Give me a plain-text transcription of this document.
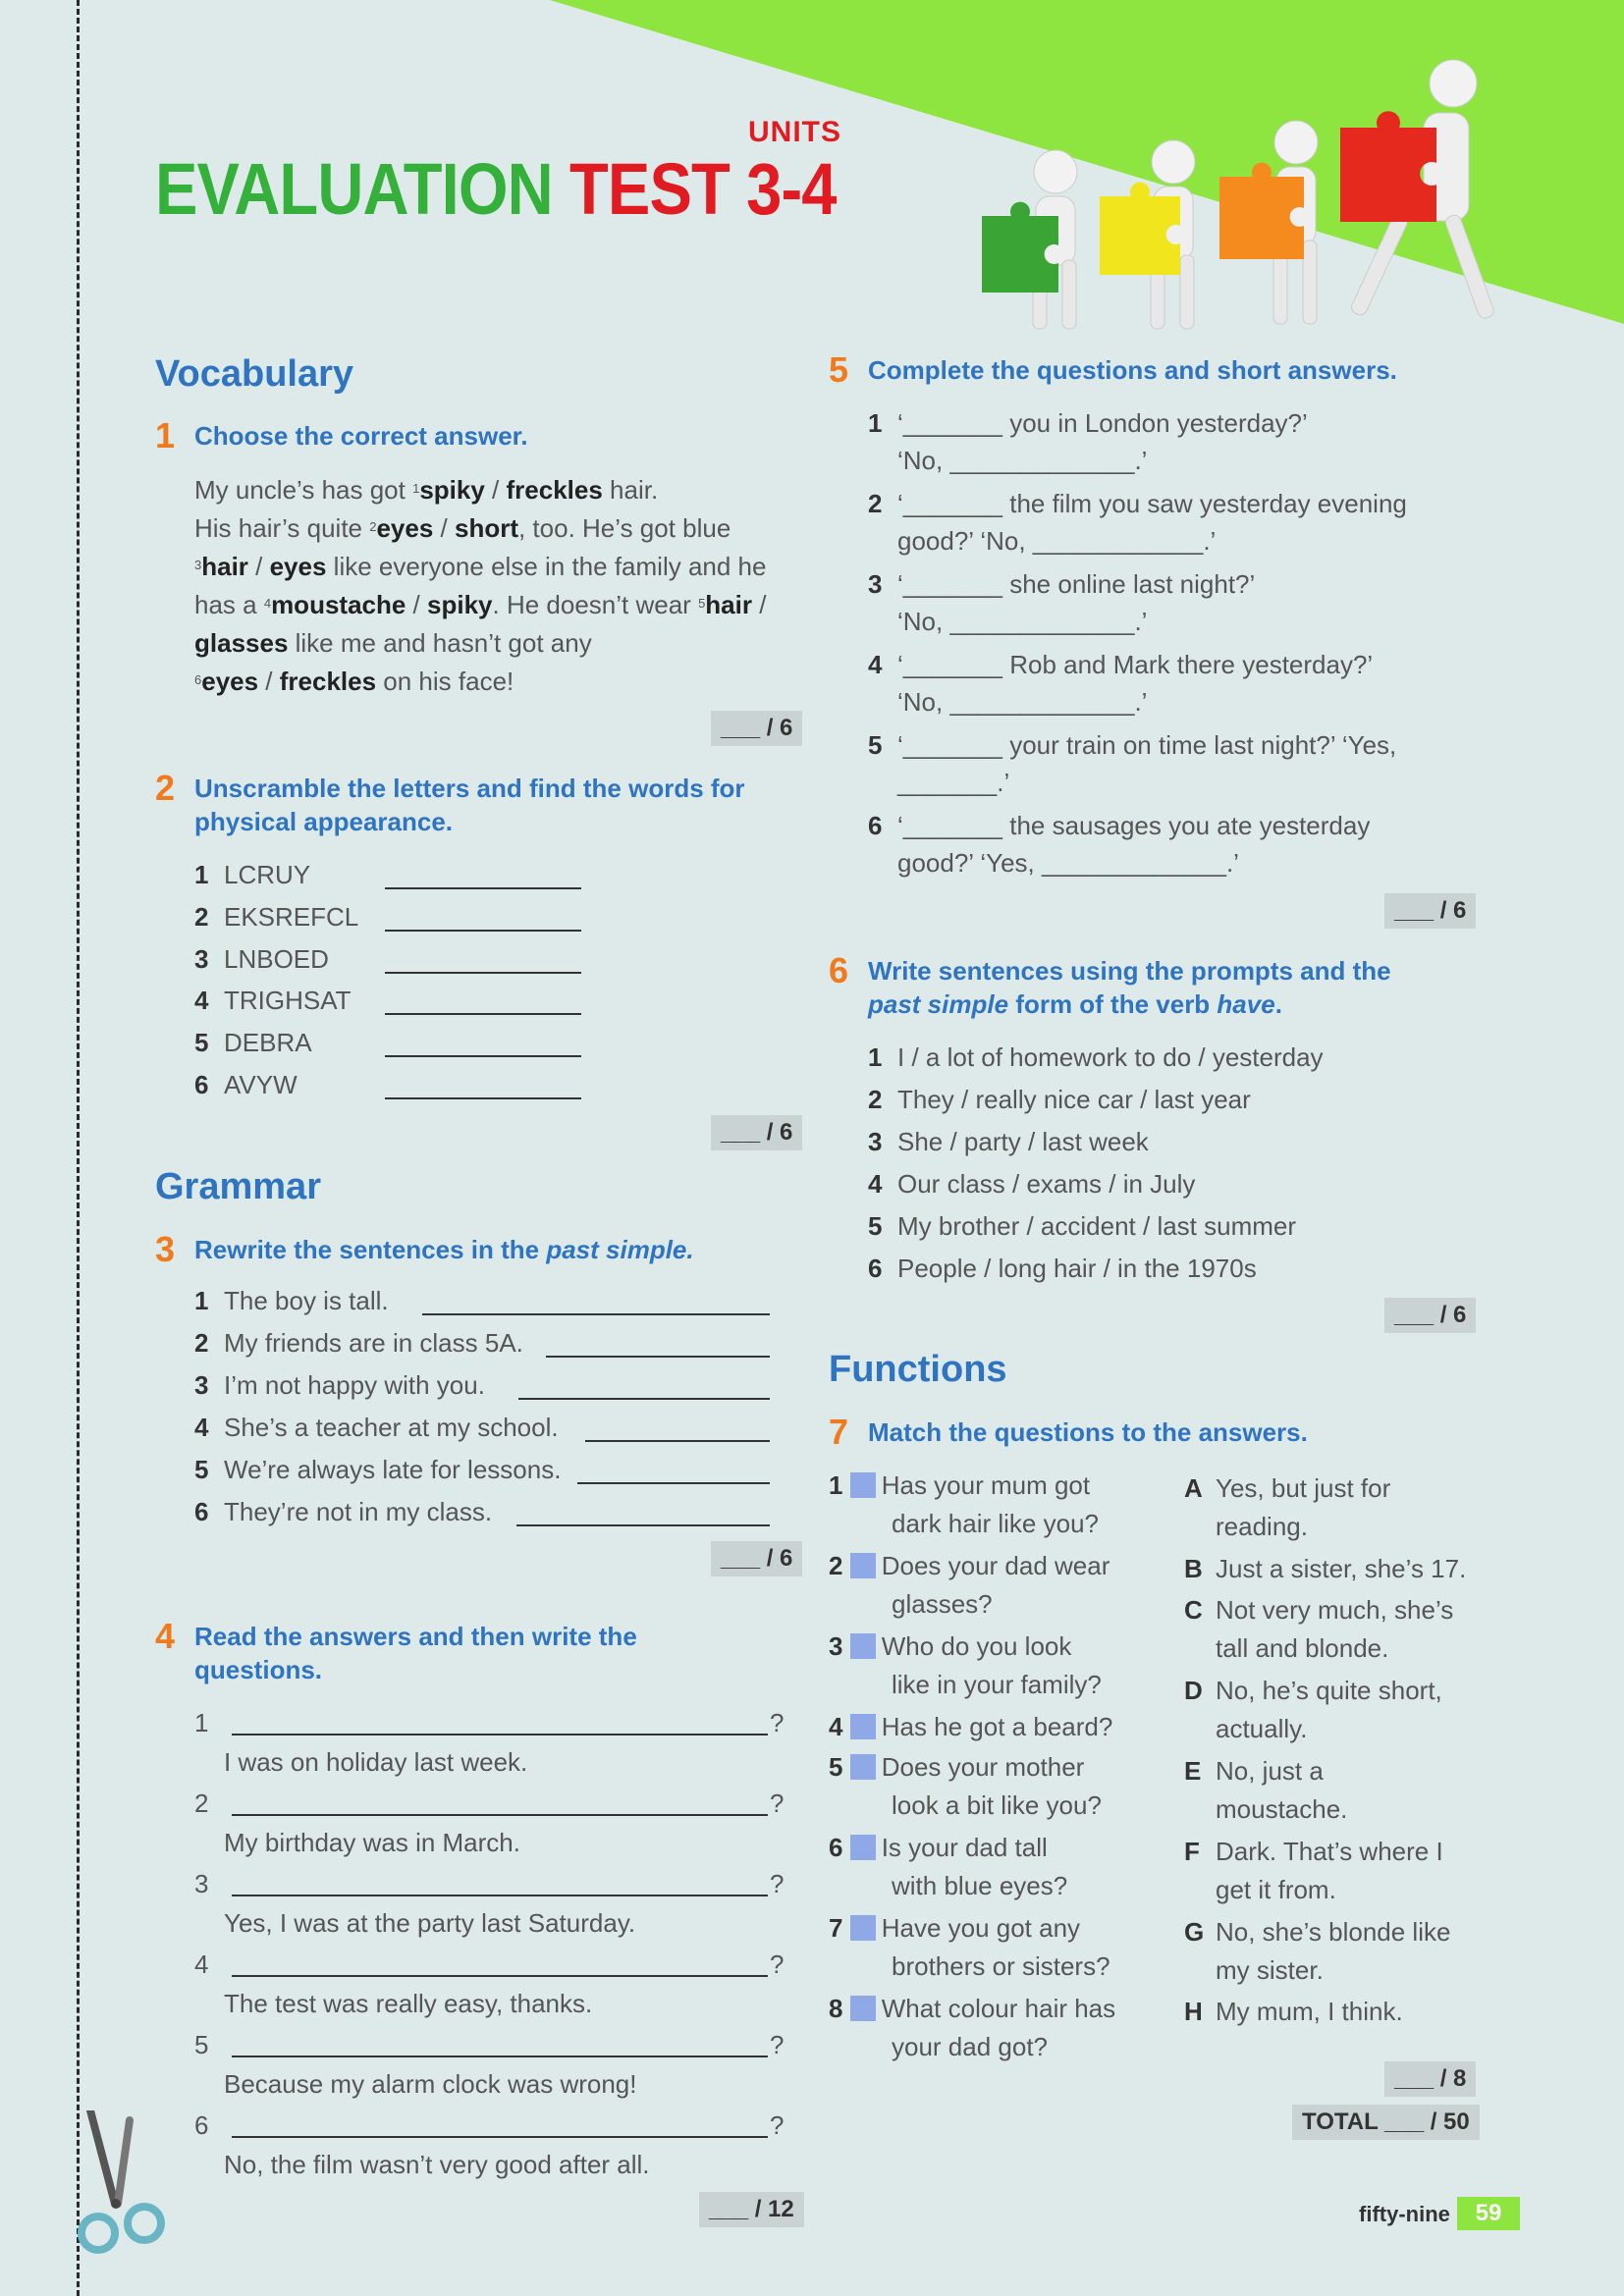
UNITS
EVALUATION TEST 3-4
Vocabulary
1 Choose the correct answer.
My uncle’s has got $^1$spiky / freckles hair.
His hair’s quite $^2$eyes / short, too. He’s got blue
$^3$hair / eyes like everyone else in the family and he
has a $^4$moustache / spiky. He doesn’t wear $^5$hair /
glasses like me and hasn’t got any
$^6$eyes / freckles on his face!
___ / 6
2 Unscramble the letters and find the words for
physical appearance.
1 LCRUY
2 EKSREFCL
3 LNBOED
4 TRIGHSAT
5 DEBRA
6 AVYW
___ / 6
Grammar
3 Rewrite the sentences in the past simple.
1 The boy is tall.
2 My friends are in class 5A.
3 I’m not happy with you.
4 She’s a teacher at my school.
5 We’re always late for lessons.
6 They’re not in my class.
___ / 6
4 Read the answers and then write the
questions.
1	?
I was on holiday last week.
2	?
My birthday was in March.
3	?
Yes, I was at the party last Saturday.
4	?
The test was really easy, thanks.
5	?
Because my alarm clock was wrong!
6	?
No, the film wasn’t very good after all.
___ / 12
5 Complete the questions and short answers.
1 ‘_______ you in London yesterday?’
‘No, _____________.’
2 ‘_______ the film you saw yesterday evening
good?’ ‘No, ____________.’
3 ‘_______ she online last night?’
‘No, _____________.’
4 ‘_______ Rob and Mark there yesterday?’
‘No, _____________.’
5 ‘_______ your train on time last night?’ ‘Yes,
_______.’
6 ‘_______ the sausages you ate yesterday
good?’ ‘Yes, _____________.’
___ / 6
6 Write sentences using the prompts and the
past simple form of the verb have.
1 I / a lot of homework to do / yesterday
2 They / really nice car / last year
3 She / party / last week
4 Our class / exams / in July
5 My brother / accident / last summer
6 People / long hair / in the 1970s
___ / 6
Functions
7 Match the questions to the answers.
1 Has your mum got
dark hair like you?
2 Does your dad wear
glasses?
3 Who do you look
like in your family?
4 Has he got a beard?
5 Does your mother
look a bit like you?
6 Is your dad tall
with blue eyes?
7 Have you got any
brothers or sisters?
8 What colour hair has
your dad got?
A Yes, but just for
reading.
B Just a sister, she’s 17.
C Not very much, she’s
tall and blonde.
D No, he’s quite short,
actually.
E No, just a
moustache.
F Dark. That’s where I
get it from.
G No, she’s blonde like
my sister.
H My mum, I think.
___ / 8
TOTAL ___ / 50
fifty-nine	59
